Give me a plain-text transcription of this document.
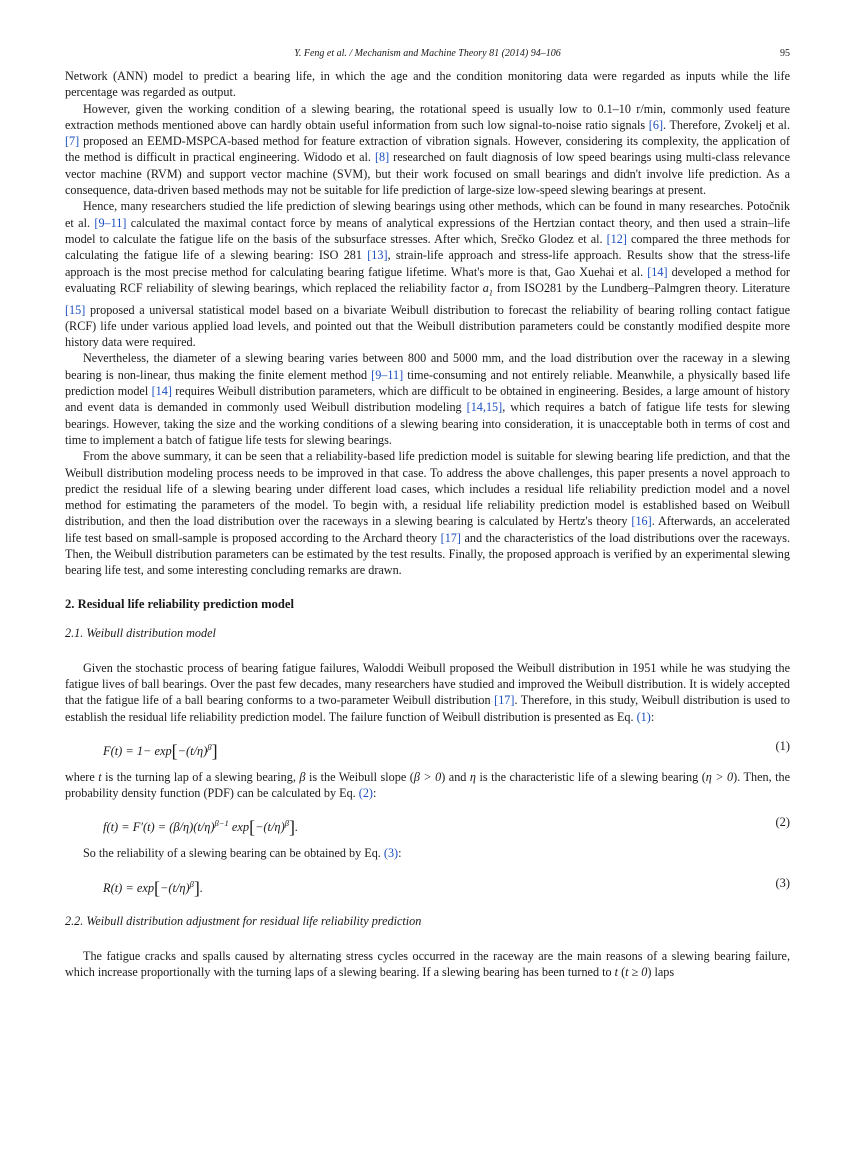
Y. Feng et al. / Mechanism and Machine Theory 81 (2014) 94–106	95

Network (ANN) model to predict a bearing life, in which the age and the condition monitoring data were regarded as inputs while the life percentage was regarded as output.

However, given the working condition of a slewing bearing, the rotational speed is usually low to 0.1–10 r/min, commonly used feature extraction methods mentioned above can hardly obtain useful information from such low signal-to-noise ratio signals [6]. Therefore, Zvokelj et al. [7] proposed an EEMD-MSPCA-based method for feature extraction of vibration signals. However, considering its complexity, the application of the method is difficult in practical engineering. Widodo et al. [8] researched on fault diagnosis of low speed bearings using multi-class relevance vector machine (RVM) and support vector machine (SVM), but their work focused on small bearings and didn't involve life prediction. As a consequence, data-driven based methods may not be suitable for life prediction of large-size low-speed slewing bearings at present.

Hence, many researchers studied the life prediction of slewing bearings using other methods, which can be found in many researches. Potočnik et al. [9–11] calculated the maximal contact force by means of analytical expressions of the Hertzian contact theory, and then used a strain–life model to calculate the fatigue life on the basis of the subsurface stresses. After which, Srečko Glodez et al. [12] compared the three methods for calculating the fatigue life of a slewing bearing: ISO 281 [13], strain-life approach and stress-life approach. Results show that the stress-life approach is the most precise method for calculating bearing fatigue lifetime. What's more is that, Gao Xuehai et al. [14] developed a method for evaluating RCF reliability of slewing bearings, which replaced the reliability factor $a_1$ from ISO281 by the Lundberg–Palmgren theory. Literature [15] proposed a universal statistical model based on a bivariate Weibull distribution to forecast the reliability of bearing rolling contact fatigue (RCF) life under various applied load levels, and pointed out that the Weibull distribution parameters could be constantly modified despite more history data were required.

Nevertheless, the diameter of a slewing bearing varies between 800 and 5000 mm, and the load distribution over the raceway in a slewing bearing is non-linear, thus making the finite element method [9–11] time-consuming and not entirely reliable. Meanwhile, a physically based life prediction model [14] requires Weibull distribution parameters, which are difficult to be obtained in engineering. Besides, a large amount of history and event data is demanded in commonly used Weibull distribution modeling [14,15], which requires a batch of fatigue life tests for slewing bearings. However, taking the size and the working conditions of a slewing bearing into consideration, it is unacceptable both in terms of cost and time to implement a batch of fatigue life tests for slewing bearings.

From the above summary, it can be seen that a reliability-based life prediction model is suitable for slewing bearing life prediction, and that the Weibull distribution modeling process needs to be improved in that case. To address the above challenges, this paper presents a novel approach to predict the residual life of a slewing bearing under different load cases, which includes a residual life reliability prediction model and a novel method for estimating the parameters of the model. To begin with, a residual life reliability prediction model is established based on Weibull distribution, and then the load distribution over the raceways in a slewing bearing is calculated by Hertz's theory [16]. Afterwards, an accelerated life test based on small-sample is proposed according to the Archard theory [17] and the characteristics of the load distributions over the raceways. Then, the Weibull distribution parameters can be estimated by the test results. Finally, the proposed approach is verified by an experimental slewing bearing life test, and some interesting concluding remarks are drawn.

2. Residual life reliability prediction model
2.1. Weibull distribution model

Given the stochastic process of bearing fatigue failures, Waloddi Weibull proposed the Weibull distribution in 1951 while he was studying the fatigue lives of ball bearings. Over the past few decades, many researchers have studied and improved the Weibull distribution. It is widely accepted that the fatigue life of a ball bearing conforms to a two-parameter Weibull distribution [17]. Therefore, in this study, Weibull distribution is used to establish the residual life reliability prediction model. The failure function of Weibull distribution is presented as Eq. (1):

$F(t) = 1- \exp[-(t/\eta)^\beta]$	(1)

where t is the turning lap of a slewing bearing, β is the Weibull slope (β > 0) and η is the characteristic life of a slewing bearing (η > 0). Then, the probability density function (PDF) can be calculated by Eq. (2):

$f(t) = F'(t) = (\beta/\eta)(t/\eta)^{\beta-1}$ $\exp[-(t/\eta)^\beta]$.	(2)

So the reliability of a slewing bearing can be obtained by Eq. (3):

$R(t) = \exp[-(t/\eta)^\beta]$.	(3)
2.2. Weibull distribution adjustment for residual life reliability prediction

The fatigue cracks and spalls caused by alternating stress cycles occurred in the raceway are the main reasons of a slewing bearing failure, which increase proportionally with the turning laps of a slewing bearing. If a slewing bearing has been turned to t (t ≥ 0) laps
